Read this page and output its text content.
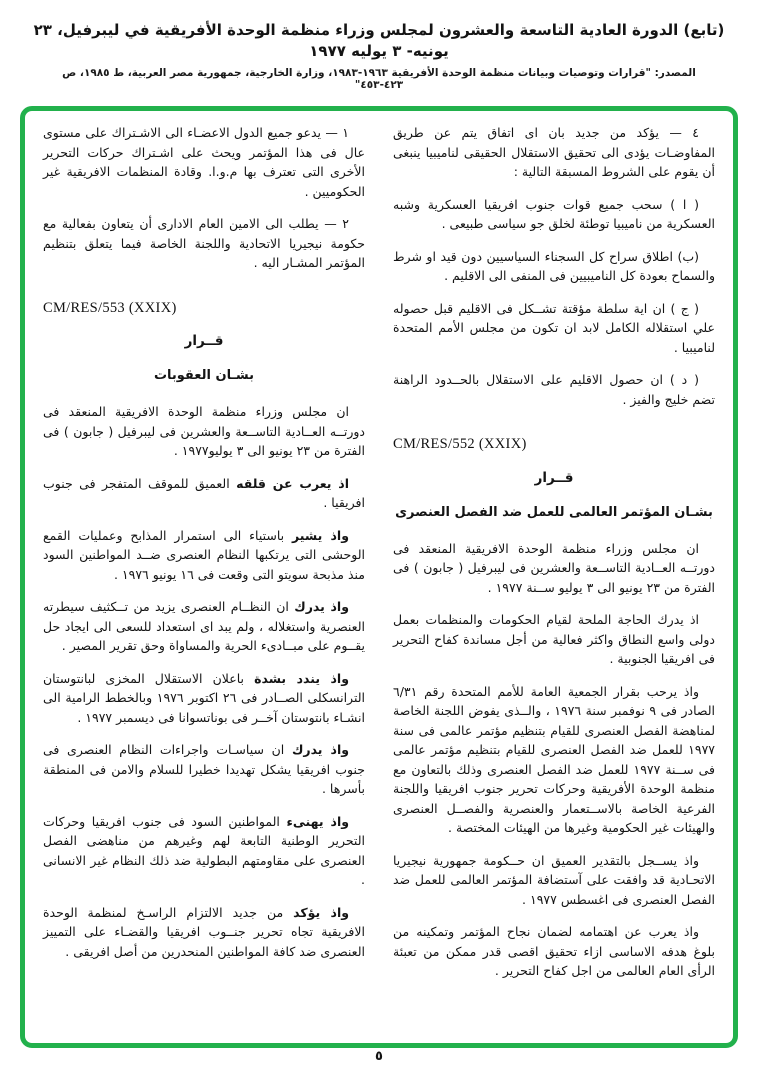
(تابع) الدورة العادية التاسعة والعشرون لمجلس وزراء منظمة الوحدة الأفريقية في ليبرفيل، ٢٣ يونيه- ٣ يوليه ١٩٧٧
المصدر: "قرارات وتوصيات وبيانات منظمة الوحدة الأفريقية ١٩٦٣-١٩٨٣، وزارة الخارجية، جمهورية مصر العربية، ط ١٩٨٥، ص ٤٢٣-٤٥٣"

٤ — يؤكد من جديد بان اى اتفاق يتم عن طريق المفاوضـات يؤدى الى تحقيق الاستقلال الحقيقى لناميبيا ينبغى أن يقوم على الشروط المسبقة التالية :

( ا ) سحب جميع قوات جنوب افريقيا العسكرية وشبه العسكرية من ناميبيا توطئة لخلق جو سياسى طبيعى .

(ب) اطلاق سراح كل السجناء السياسيين دون قيد او شرط والسماح بعودة كل الناميبيين فى المنفى الى الاقليم .

( ج ) ان اية سلطة مؤقتة تشــكل فى الاقليم قبل حصوله علي استقلاله الكامل لابد ان تكون من مجلس الأمم المتحدة لناميبيا .

( د ) ان حصول الاقليم على الاستقلال بالحــدود الراهنة تضم خليج والفيز .

CM/RES/552 (XXIX)
قــرار
بشـان المؤتمر العالمى للعمل ضد الفصل العنصرى

ان مجلس وزراء منظمة الوحدة الافريقية المنعقد فى دورتــه العــادية التاســعة والعشرين فى ليبرفيل ( جابون ) فى الفترة من ٢٣ يونيو الى ٣ يوليو ســنة ١٩٧٧ .

اذ يدرك الحاجة الملحة لقيام الحكومات والمنظمات بعمل دولى واسع النطاق واكثر فعالية من أجل مساندة كفاح التحرير فى افريقيا الجنوبية .

واذ يرحب بقرار الجمعية العامة للأمم المتحدة رقم ٦/٣١ الصادر فى ٩ نوفمبر سنة ١٩٧٦ ، والــذى يفوض اللجنة الخاصة لمناهضة الفصل العنصرى للقيام بتنظيم مؤتمر عالمى فى سنة ١٩٧٧ للعمل ضد الفصل العنصرى للقيام بتنظيم مؤتمر عالمى فى ســنة ١٩٧٧ للعمل ضد الفصل العنصرى وذلك بالتعاون مع منظمة الوحدة الأفريقية وحركات تحرير جنوب افريقيا واللجنة الفرعية الخاصة بالاســتعمار والعنصرية والفصــل العنصرى والهيئات غير الحكومية وغيرها من الهيئات المختصة .

واذ يســجل بالتقدير العميق ان حــكومة جمهورية نيجيريا الاتحـادية قد وافقت على آستضافة المؤتمر العالمى للعمل ضد الفصل العنصرى فى اغسطس ١٩٧٧ .

واذ يعرب عن اهتمامه لضمان نجاح المؤتمر وتمكينه من بلوغ هدفه الاساسى ازاء تحقيق اقصى قدر ممكن من تعبئة الرأى العام العالمى من اجل كفاح التحرير .

١ — يدعو جميع الدول الاعضـاء الى الاشـتراك على مستوى عال فى هذا المؤتمر ويحث على اشـتراك حركات التحرير الأخرى التى تعترف بها م.و.ا. وقادة المنظمات الافريقية غير الحكوميين .

٢ — يطلب الى الامين العام الادارى أن يتعاون بفعالية مع حكومة نيجيريا الاتحادية واللجنة الخاصة فيما يتعلق بتنظيم المؤتمر المشـار اليه .

CM/RES/553 (XXIX)
قــرار
بشـان العقوبات

ان مجلس وزراء منظمة الوحدة الافريقية المنعقد فى دورتــه العــادية التاســعة والعشرين فى ليبرفيل ( جابون ) فى الفترة من ٢٣ يونيو الى ٣ يوليو١٩٧٧ .

اذ يعرب عن قلقه العميق للموقف المتفجر فى جنوب افريقيا .

واذ يشير باستياء الى استمرار المذابح وعمليات القمع الوحشى التى يرتكبها النظام العنصرى ضــد المواطنين السود منذ مذبحة سويتو التى وقعت فى ١٦ يونيو ١٩٧٦ .

واذ يدرك ان النظــام العنصرى يزيد من تــكثيف سيطرته العنصرية واستغلاله ، ولم يبد اى استعداد للسعى الى ايجاد حل يقــوم على مبــادىء الحرية والمساواة وحق تقرير المصير .

واذ يندد بشدة باعلان الاستقلال المخزى لبانتوستان الترانسكلى الصــادر فى ٢٦ اكتوبر ١٩٧٦ وبالخطط الرامية الى انشـاء بانتوستان آخــر فى بوناتسوانا فى ديسمبر ١٩٧٧ .

واذ يدرك ان سياسـات واجراءات النظام العنصرى فى جنوب افريقيا يشكل تهديدا خطيرا للسلام والامن فى المنطقة بأسرها .

واذ يهنىء المواطنين السود فى جنوب افريقيا وحركات التحرير الوطنية التابعة لهم وغيرهم من مناهضى الفصل العنصرى على مقاومتهم البطولية ضد ذلك النظام غير الانسانى .

واذ يؤكد من جديد الالتزام الراسـخ لمنظمة الوحدة الافريقية تجاه تحرير جنــوب افريقيا والقضـاء على التمييز العنصرى ضد كافة المواطنين المنحدرين من أصل افريقى .

٥
